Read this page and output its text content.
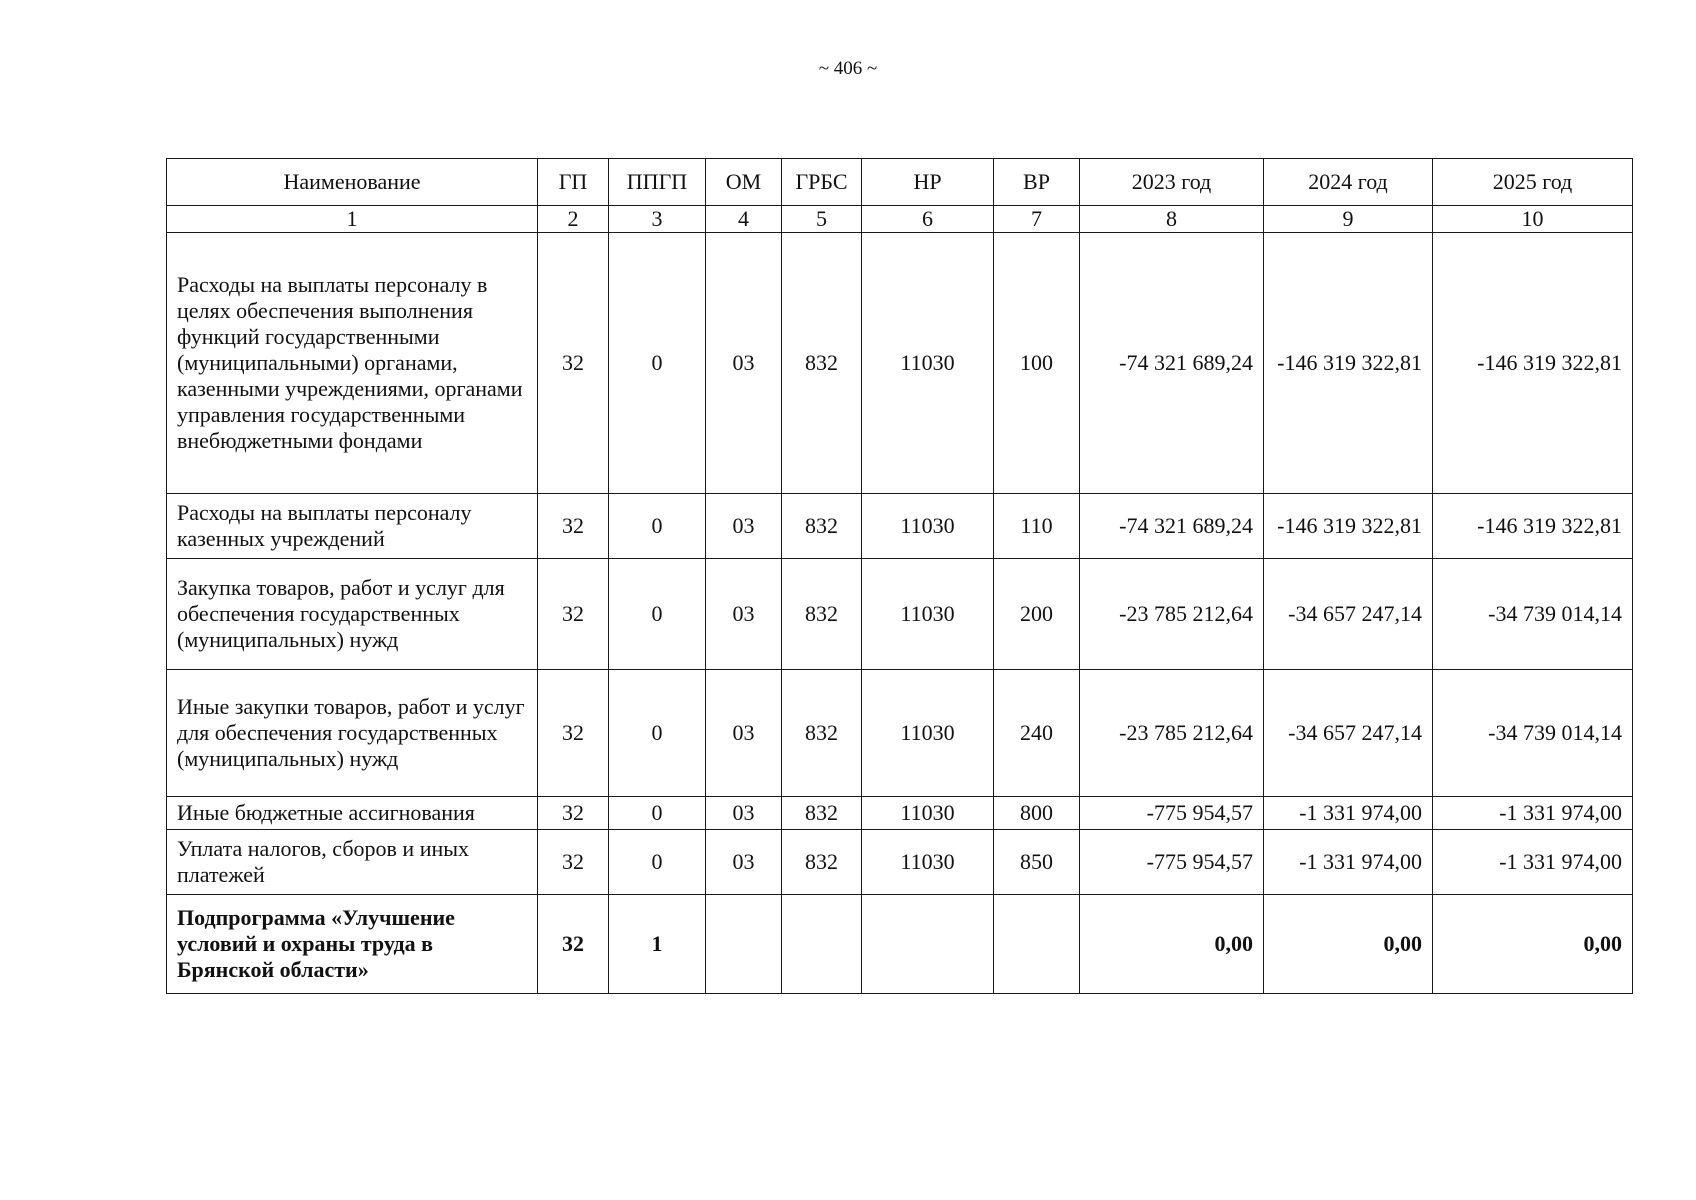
~ 406 ~
Наименование	ГП	ППГП	ОМ	ГРБС	НР	ВР	2023 год	2024 год	2025 год
1	2	3	4	5	6	7	8	9	10
Расходы на выплаты персоналу в целях обеспечения выполнения функций государственными (муниципальными) органами, казенными учреждениями, органами управления государственными внебюджетными фондами	32	0	03	832	11030	100	-74 321 689,24	-146 319 322,81	-146 319 322,81
Расходы на выплаты персоналу казенных учреждений	32	0	03	832	11030	110	-74 321 689,24	-146 319 322,81	-146 319 322,81
Закупка товаров, работ и услуг для обеспечения государственных (муниципальных) нужд	32	0	03	832	11030	200	-23 785 212,64	-34 657 247,14	-34 739 014,14
Иные закупки товаров, работ и услуг для обеспечения государственных (муниципальных) нужд	32	0	03	832	11030	240	-23 785 212,64	-34 657 247,14	-34 739 014,14
Иные бюджетные ассигнования	32	0	03	832	11030	800	-775 954,57	-1 331 974,00	-1 331 974,00
Уплата налогов, сборов и иных платежей	32	0	03	832	11030	850	-775 954,57	-1 331 974,00	-1 331 974,00
Подпрограмма «Улучшение условий и охраны труда в Брянской области»	32	1					0,00	0,00	0,00
